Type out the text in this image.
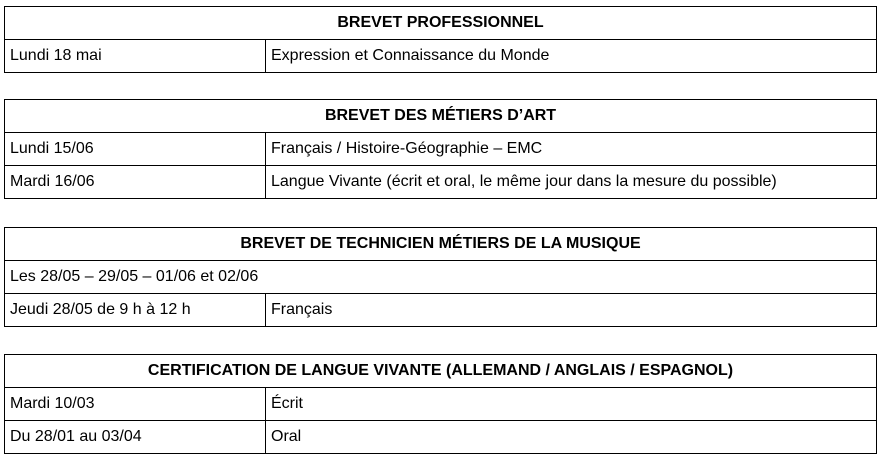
BREVET PROFESSIONNEL
Lundi 18 mai	Expression et Connaissance du Monde
BREVET DES MÉTIERS D’ART	
Lundi 15/06	Français / Histoire-Géographie – EMC
Mardi 16/06	Langue Vivante (écrit et oral, le même jour dans la mesure du possible)
BREVET DE TECHNICIEN MÉTIERS DE LA MUSIQUE
Les 28/05 – 29/05 – 01/06 et 02/06
Jeudi 28/05 de 9 h à 12 h	Français
CERTIFICATION DE LANGUE VIVANTE (ALLEMAND / ANGLAIS / ESPAGNOL)	
Mardi 10/03	Écrit
Du 28/01 au 03/04	Oral
